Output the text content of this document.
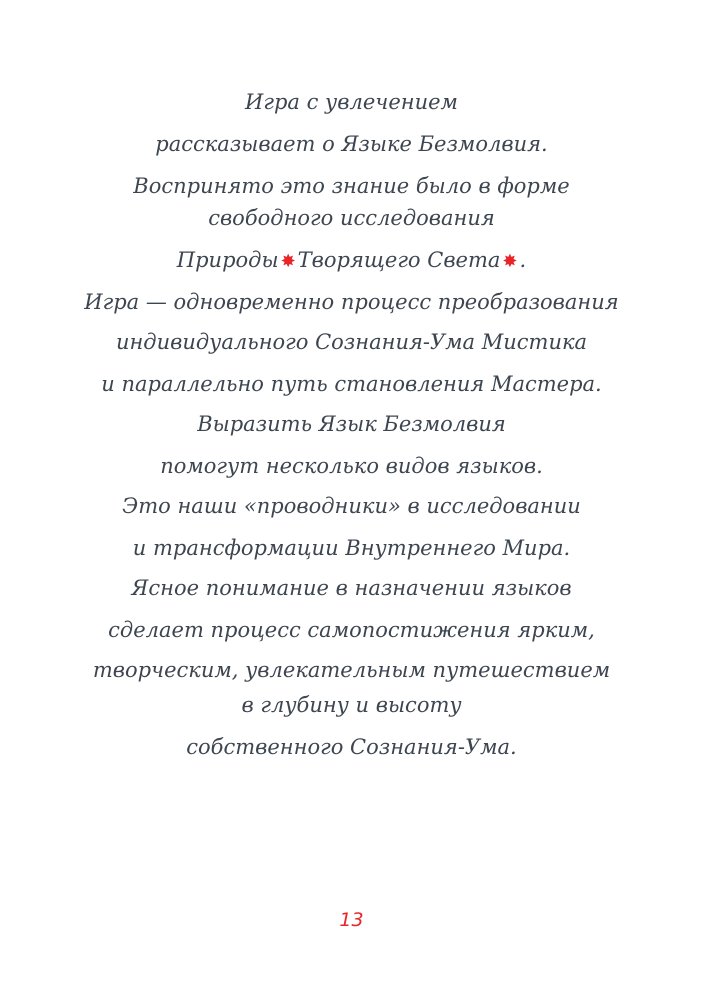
Игра с увлечением
рассказывает о Языке Безмолвия.
Воспринято это знание было в форме
свободного исследования
Природы ✸Творящего Света ✸.
Игра — одновременно процесс преобразования
индивидуального Сознания-Ума Мистика
и параллельно путь становления Мастера.
Выразить Язык Безмолвия
помогут несколько видов языков.
Это наши «проводники» в исследовании
и трансформации Внутреннего Мира.
Ясное понимание в назначении языков
сделает процесс самопостижения ярким,
творческим, увлекательным путешествием
в глубину и высоту
собственного Сознания-Ума.
13
